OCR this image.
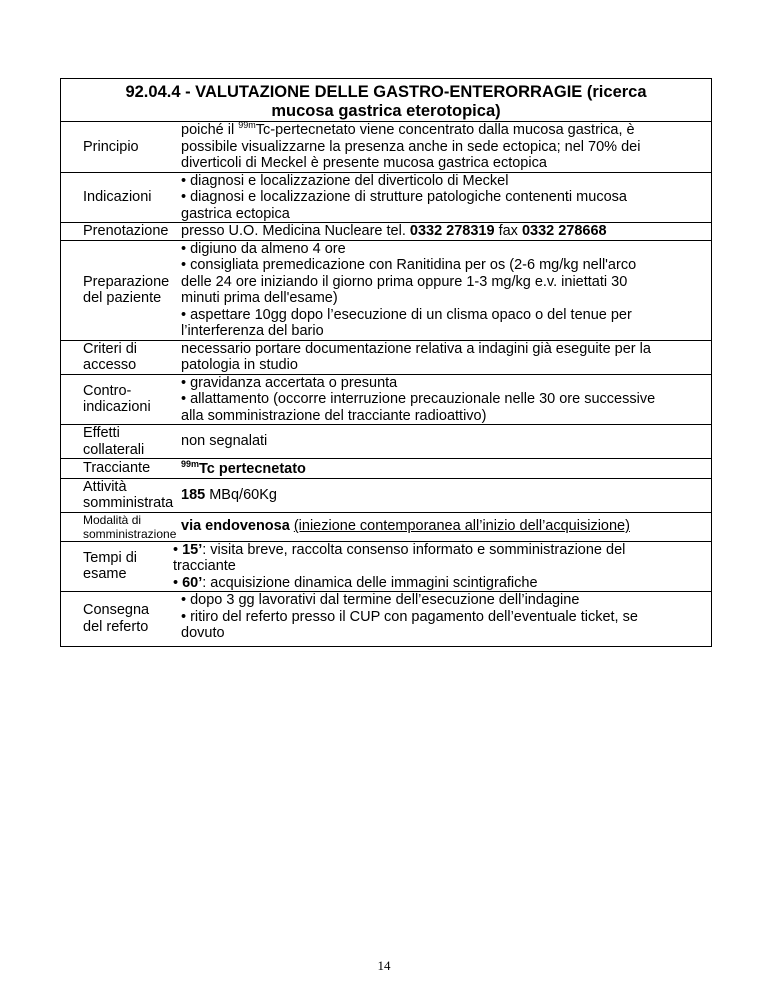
92.04.4 - VALUTAZIONE DELLE GASTRO-ENTERORRAGIE (ricerca
mucosa gastrica eterotopica)
Principio
poiché il $^{99m}$Tc-pertecnetato viene concentrato dalla mucosa gastrica, è
possibile visualizzarne la presenza anche in sede ectopica; nel 70% dei
diverticoli di Meckel è presente mucosa gastrica ectopica
Indicazioni
• diagnosi e localizzazione del diverticolo di Meckel
• diagnosi e localizzazione di strutture patologiche contenenti mucosa
gastrica ectopica
Prenotazione presso U.O. Medicina Nucleare tel. 0332 278319 fax 0332 278668
Preparazione
del paziente
• digiuno da almeno 4 ore
• consigliata premedicazione con Ranitidina per os (2-6 mg/kg nell'arco
delle 24 ore iniziando il giorno prima oppure 1-3 mg/kg e.v. iniettati 30
minuti prima dell'esame)
• aspettare 10gg dopo l’esecuzione di un clisma opaco o del tenue per
l’interferenza del bario
Criteri di
accesso
necessario portare documentazione relativa a indagini già eseguite per la
patologia in studio
Contro-
indicazioni
• gravidanza accertata o presunta
• allattamento (occorre interruzione precauzionale nelle 30 ore successive
alla somministrazione del tracciante radioattivo)
Effetti
collaterali
non segnalati
Tracciante	$^{99m}$Tc pertecnetato
Attività
somministrata
185 MBq/60Kg
Modalità di
somministrazione via endovenosa (iniezione contemporanea all’inizio dell’acquisizione)
Tempi di esame
• 15’: visita breve, raccolta consenso informato e somministrazione del
tracciante
• 60’: acquisizione dinamica delle immagini scintigrafiche
Consegna
del referto
• dopo 3 gg lavorativi dal termine dell’esecuzione dell’indagine
• ritiro del referto presso il CUP con pagamento dell’eventuale ticket, se
dovuto
14
